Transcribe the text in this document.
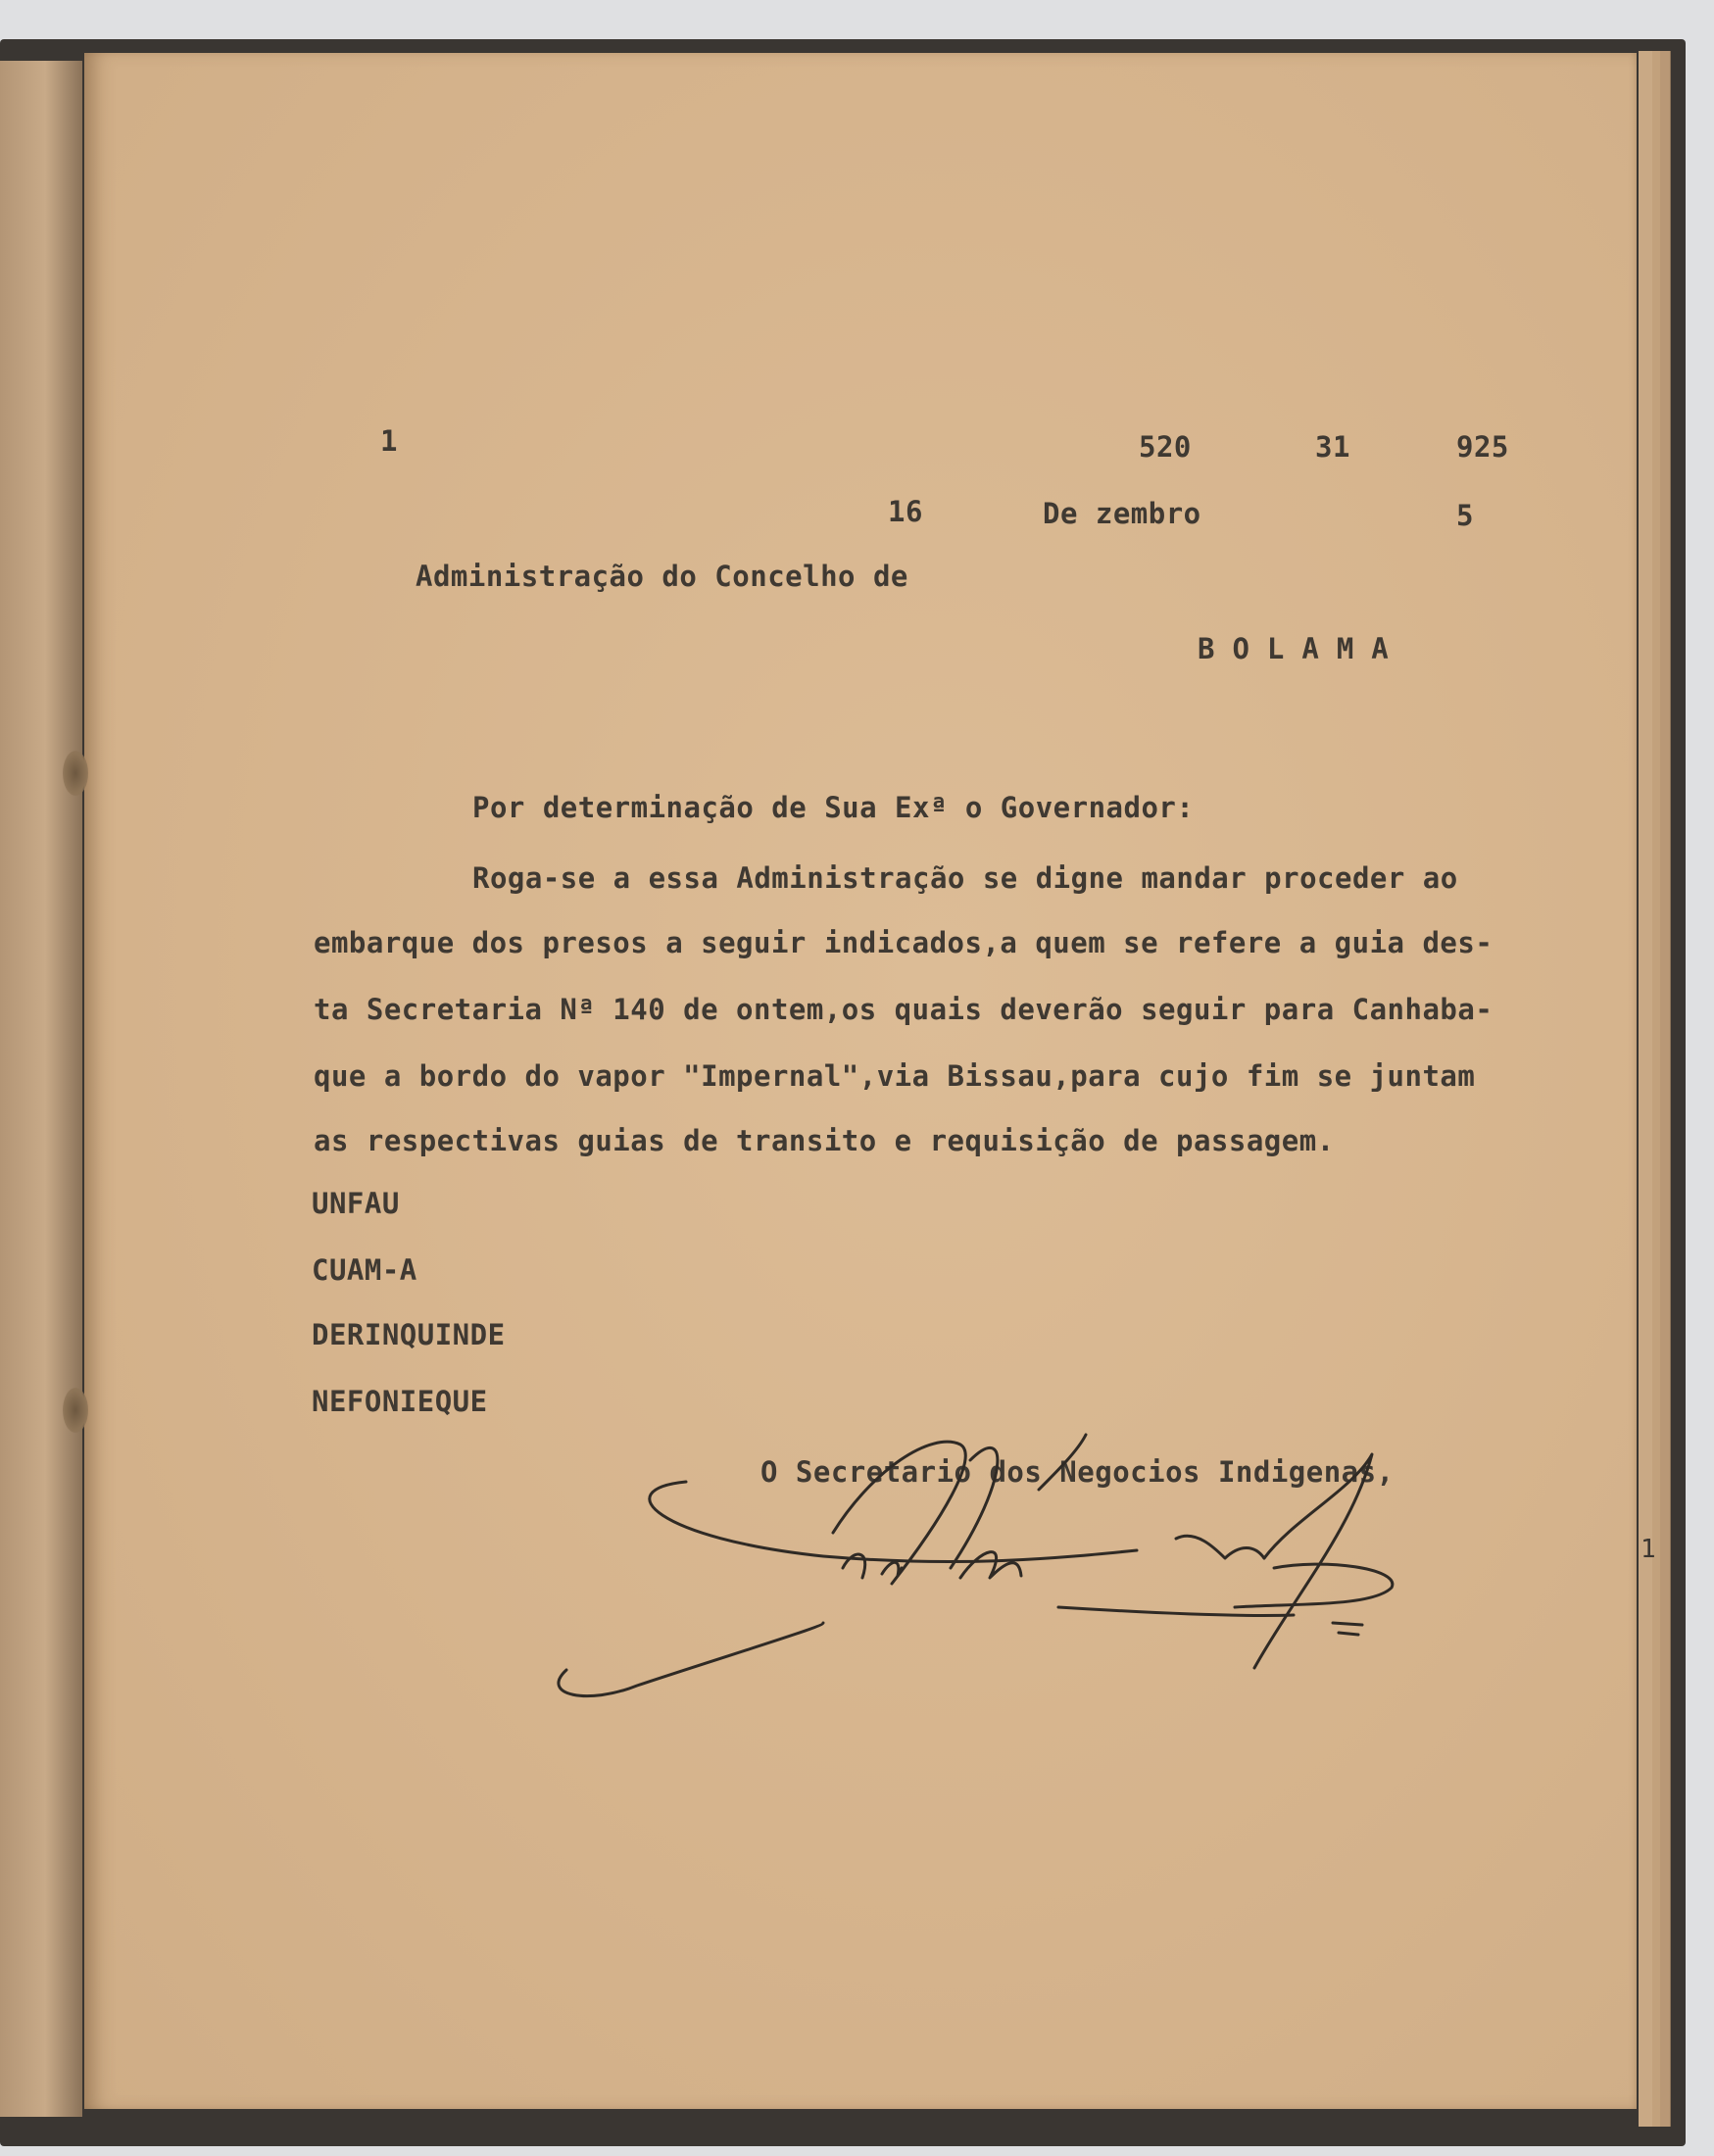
1	520	31	925
16	De zembro	5
Administração do Concelho de
BOLAMA
Por determinação de Sua Exª o Governador:
Roga-se a essa Administração se digne mandar proceder ao
embarque dos presos a seguir indicados,a quem se refere a guia des-
ta Secretaria Nª 140 de ontem,os quais deverão seguir para Canhaba-
que a bordo do vapor "Impernal",via Bissau,para cujo fim se juntam
as respectivas guias de transito e requisição de passagem.
UNFAU
CUAM-A
DERINQUINDE
NEFONIEQUE
O Secretario dos Negocios Indigenas,
1
